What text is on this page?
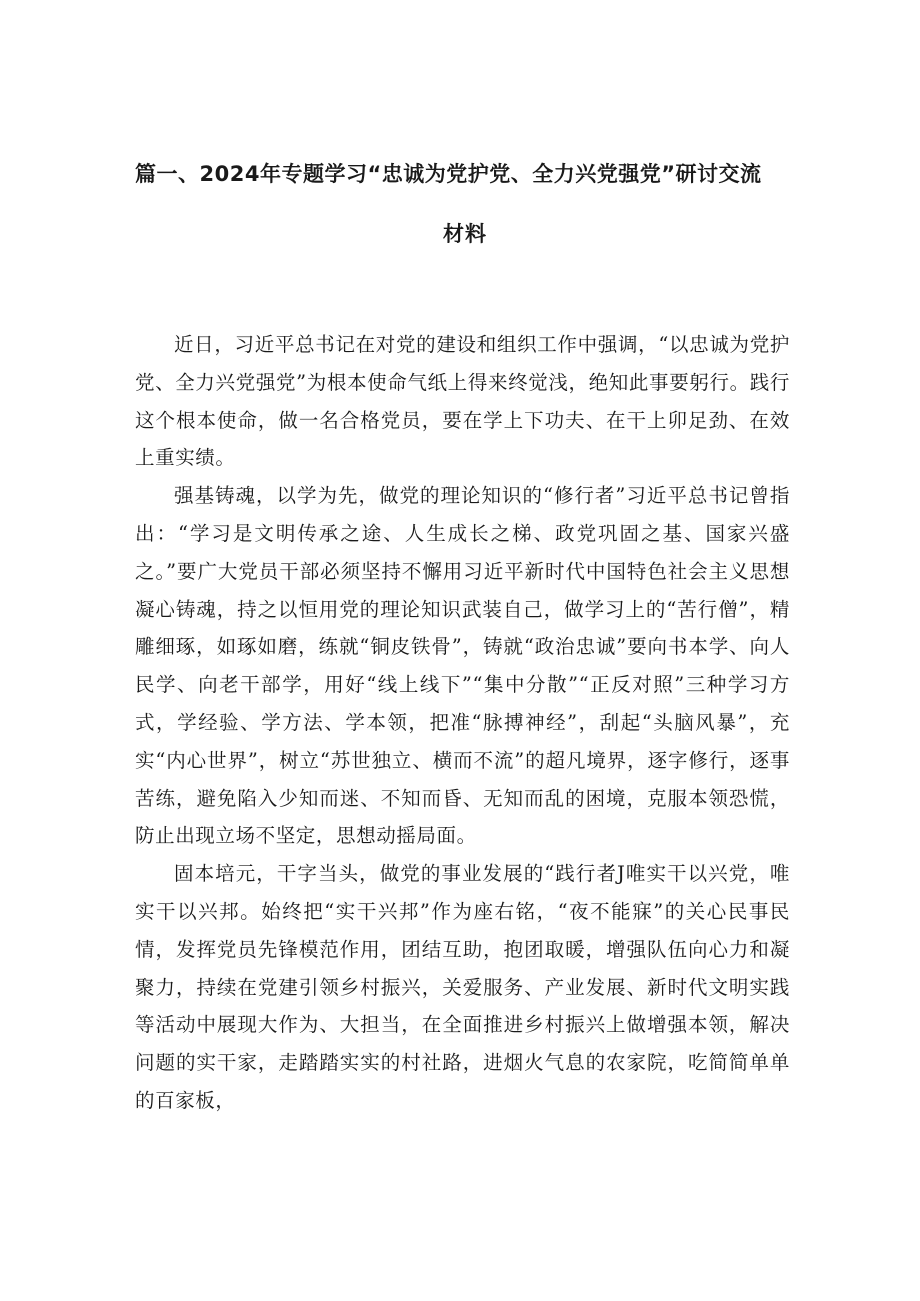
篇一、2024年专题学习“忠诚为党护党、全力兴党强党”研讨交流
材料

近日，习近平总书记在对党的建设和组织工作中强调，“以忠诚为党护党、全力兴党强党”为根本使命气纸上得来终觉浅，绝知此事要躬行。践行这个根本使命，做一名合格党员，要在学上下功夫、在干上卯足劲、在效上重实绩。

强基铸魂，以学为先，做党的理论知识的“修行者”习近平总书记曾指出：“学习是文明传承之途、人生成长之梯、政党巩固之基、国家兴盛之。”要广大党员干部必须坚持不懈用习近平新时代中国特色社会主义思想凝心铸魂，持之以恒用党的理论知识武装自己，做学习上的“苦行僧”，精雕细琢，如琢如磨，练就“铜皮铁骨”，铸就“政治忠诚”要向书本学、向人民学、向老干部学，用好“线上线下”“集中分散”“正反对照”三种学习方式，学经验、学方法、学本领，把准“脉搏神经”，刮起“头脑风暴”，充实“内心世界”，树立“苏世独立、横而不流”的超凡境界，逐字修行，逐事苦练，避免陷入少知而迷、不知而昏、无知而乱的困境，克服本领恐慌，防止出现立场不坚定，思想动摇局面。

固本培元，干字当头，做党的事业发展的“践行者J唯实干以兴党，唯实干以兴邦。始终把“实干兴邦”作为座右铭，“夜不能寐”的关心民事民情，发挥党员先锋模范作用，团结互助，抱团取暖，增强队伍向心力和凝聚力，持续在党建引领乡村振兴，关爱服务、产业发展、新时代文明实践等活动中展现大作为、大担当，在全面推进乡村振兴上做增强本领，解决问题的实干家，走踏踏实实的村社路，进烟火气息的农家院，吃简简单单的百家板，
